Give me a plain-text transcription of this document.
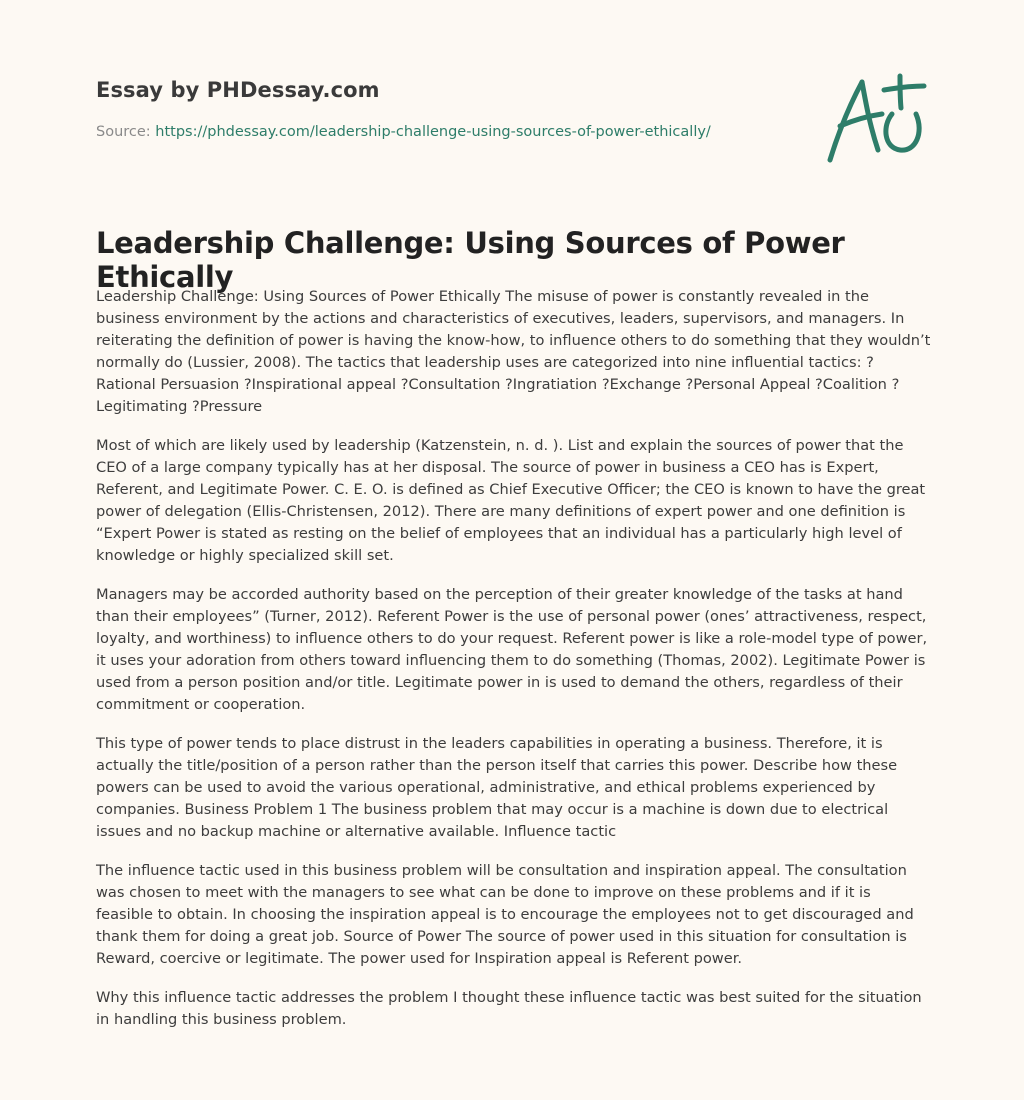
Essay by PHDessay.com

Source: https://phdessay.com/leadership-challenge-using-sources-of-power-ethically/

Leadership Challenge: Using Sources of Power Ethically

Leadership Challenge: Using Sources of Power Ethically The misuse of power is constantly revealed in the business environment by the actions and characteristics of executives, leaders, supervisors, and managers. In reiterating the definition of power is having the know-how, to influence others to do something that they wouldn’t normally do (Lussier, 2008). The tactics that leadership uses are categorized into nine influential tactics: ? Rational Persuasion ?Inspirational appeal ?Consultation ?Ingratiation ?Exchange ?Personal Appeal ?Coalition ?Legitimating ?Pressure

Most of which are likely used by leadership (Katzenstein, n. d. ). List and explain the sources of power that the CEO of a large company typically has at her disposal. The source of power in business a CEO has is Expert, Referent, and Legitimate Power. C. E. O. is defined as Chief Executive Officer; the CEO is known to have the great power of delegation (Ellis-Christensen, 2012). There are many definitions of expert power and one definition is “Expert Power is stated as resting on the belief of employees that an individual has a particularly high level of knowledge or highly specialized skill set.

Managers may be accorded authority based on the perception of their greater knowledge of the tasks at hand than their employees” (Turner, 2012). Referent Power is the use of personal power (ones’ attractiveness, respect, loyalty, and worthiness) to influence others to do your request. Referent power is like a role-model type of power, it uses your adoration from others toward influencing them to do something (Thomas, 2002). Legitimate Power is used from a person position and/or title. Legitimate power in is used to demand the others, regardless of their commitment or cooperation.

This type of power tends to place distrust in the leaders capabilities in operating a business. Therefore, it is actually the title/position of a person rather than the person itself that carries this power. Describe how these powers can be used to avoid the various operational, administrative, and ethical problems experienced by companies. Business Problem 1 The business problem that may occur is a machine is down due to electrical issues and no backup machine or alternative available. Influence tactic

The influence tactic used in this business problem will be consultation and inspiration appeal. The consultation was chosen to meet with the managers to see what can be done to improve on these problems and if it is feasible to obtain. In choosing the inspiration appeal is to encourage the employees not to get discouraged and thank them for doing a great job. Source of Power The source of power used in this situation for consultation is Reward, coercive or legitimate. The power used for Inspiration appeal is Referent power.

Why this influence tactic addresses the problem I thought these influence tactic was best suited for the situation in handling this business problem.
